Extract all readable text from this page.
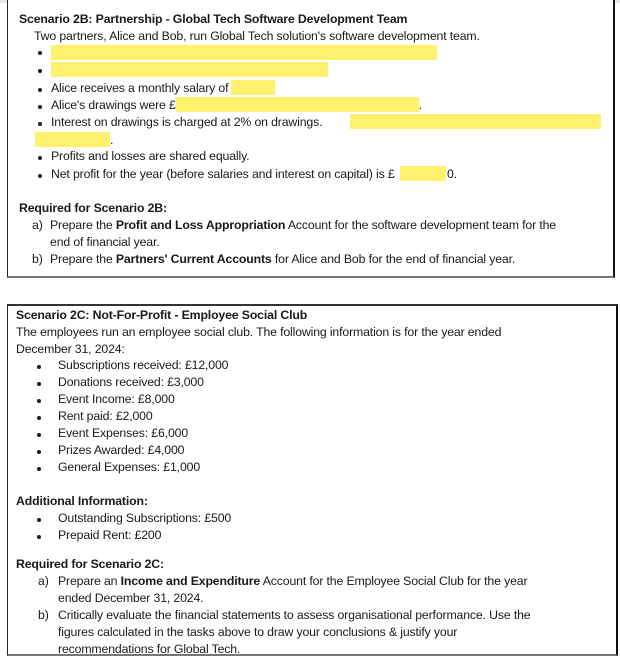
Scenario 2B: Partnership - Global Tech Software Development Team
Two partners, Alice and Bob, run Global Tech solution's software development team.
Alice receives a monthly salary of
Alice's drawings were £	.
Interest on drawings is charged at 2% on drawings.
.
Profits and losses are shared equally.
Net profit for the year (before salaries and interest on capital) is £	0.
Required for Scenario 2B:
a) Prepare the Profit and Loss Appropriation Account for the software development team for the
end of financial year.
b) Prepare the Partners' Current Accounts for Alice and Bob for the end of financial year.
Scenario 2C: Not-For-Profit - Employee Social Club
The employees run an employee social club. The following information is for the year ended
December 31, 2024:
Subscriptions received: £12,000
Donations received: £3,000
Event Income: £8,000
Rent paid: £2,000
Event Expenses: £6,000
Prizes Awarded: £4,000
General Expenses: £1,000
Additional Information:
Outstanding Subscriptions: £500
Prepaid Rent: £200
Required for Scenario 2C:
a) Prepare an Income and Expenditure Account for the Employee Social Club for the year
ended December 31, 2024.
b) Critically evaluate the financial statements to assess organisational performance. Use the
figures calculated in the tasks above to draw your conclusions & justify your
recommendations for Global Tech.
